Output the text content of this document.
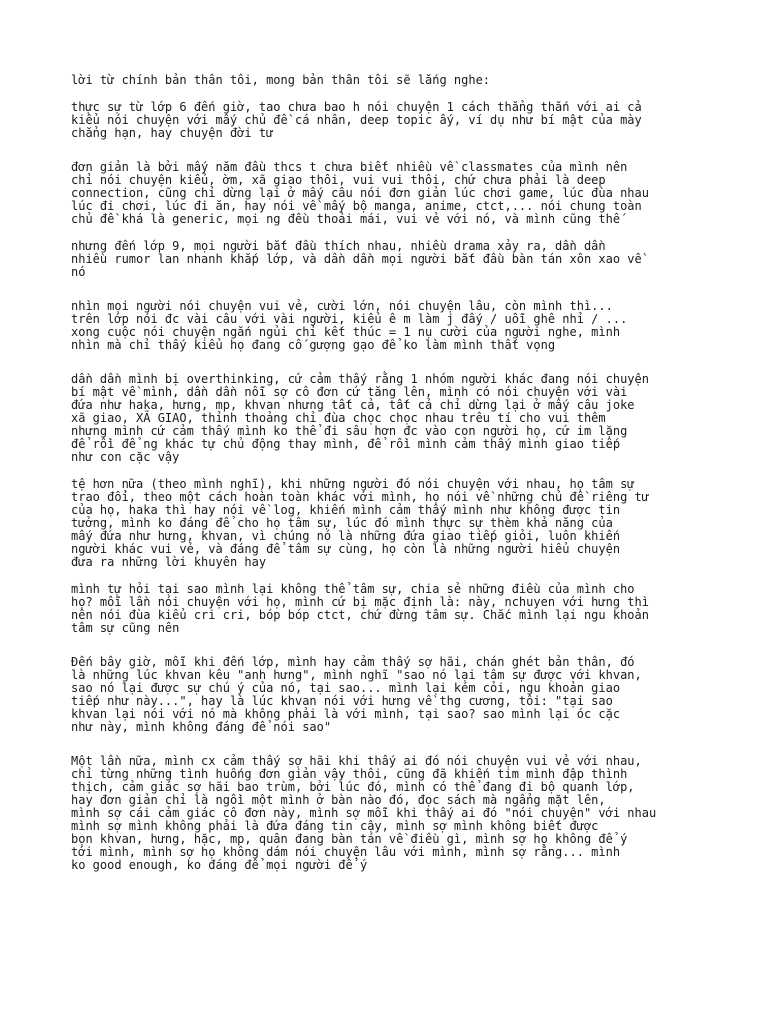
lời từ chính bản thân tôi, mong bản thân tôi sẽ lắng nghe:

thực sự từ lớp 6 đến giờ, tao chưa bao h nói chuyện 1 cách thẳng thắn với ai cả
kiểu nói chuyện với mấy chủ đề cá nhân, deep topic ấy, ví dụ như bí mật của mày
chẳng hạn, hay chuyện đời tư

đơn giản là bởi mấy năm đầu thcs t chưa biết nhiều về classmates của mình nên
chỉ nói chuyện kiểu, ờm, xã giao thôi, vui vui thôi, chứ chưa phải là deep
connection, cũng chỉ dừng lại ở mấy câu nói đơn giản lúc chơi game, lúc đùa nhau
lúc đi chơi, lúc đi ăn, hay nói về mấy bộ manga, anime, ctct,... nói chung toàn
chủ đề khá là generic, mọi ng đều thoải mái, vui vẻ với nó, và mình cũng thế

nhưng đến lớp 9, mọi người bắt đầu thích nhau, nhiều drama xảy ra, dần dần
nhiều rumor lan nhanh khắp lớp, và dần dần mọi người bắt đầu bàn tán xôn xao về
nó

nhìn mọi người nói chuyện vui vẻ, cười lớn, nói chuyện lâu, còn mình thì...
trên lớp nói đc vài câu với vài người, kiểu ê m làm j đấy / uỗi ghê nhỉ / ...
xong cuộc nói chuyện ngắn ngủi chỉ kết thúc = 1 nụ cười của người nghe, mình
nhìn mà chỉ thấy kiểu họ đang cố gượng gạo để ko làm mình thất vọng

dần dần mình bị overthinking, cứ cảm thấy rằng 1 nhóm người khác đang nói chuyện
bí mật về mình, dần dần nỗi sợ cô đơn cứ tăng lên, mình có nói chuyện với vài
đứa như haka, hưng, mp, khvan nhưng tất cả, tất cả chỉ dừng lại ở mấy câu joke
xã giao, XÃ GIAO, thỉnh thoảng chỉ đùa chọc chọc nhau trêu tí cho vui thêm
nhưng mình cứ cảm thấy mình ko thể đi sâu hơn đc vào con người họ, cứ im lặng
để rồi để ng khác tự chủ động thay mình, để rồi mình cảm thấy mình giao tiếp
như con cặc vậy

tệ hơn nữa (theo mình nghĩ), khi những người đó nói chuyện với nhau, họ tâm sự
trao đổi, theo một cách hoàn toàn khác với mình, họ nói về những chủ đề riêng tư
của họ, haka thì hay nói về log, khiến mình cảm thấy mình như không được tin
tưởng, mình ko đáng để cho họ tâm sự, lúc đó mình thực sự thèm khả năng của
mấy đứa như hưng, khvan, vì chúng nó là những đứa giao tiếp giỏi, luôn khiến
người khác vui vẻ, và đáng để tâm sự cùng, họ còn là những người hiểu chuyện
đưa ra những lời khuyên hay

mình tự hỏi tại sao mình lại không thể tâm sự, chia sẻ những điều của mình cho
họ? mỗi lần nói chuyện với họ, mình cứ bị mặc định là: này, nchuyen với hưng thì
nên nói đùa kiểu cri cri, bóp bóp ctct, chứ đừng tâm sự. Chắc mình lại ngu khoản
tâm sự cũng nên

Đến bây giờ, mỗi khi đến lớp, mình hay cảm thấy sợ hãi, chán ghét bản thân, đó
là những lúc khvan kêu "anh hưng", mình nghĩ "sao nó lại tâm sự được với khvan,
sao nó lại được sự chú ý của nó, tại sao... mình lại kém cỏi, ngu khoản giao
tiếp như này...", hay là lúc khvan nói với hưng về thg cương, tôi: "tại sao
khvan lại nói với nó mà không phải là với mình, tại sao? sao mình lại óc cặc
như này, mình không đáng để nói sao"

Một lần nữa, mình cx cảm thấy sợ hãi khi thấy ai đó nói chuyện vui vẻ với nhau,
chỉ từng những tình huống đơn giản vậy thôi, cũng đã khiến tim mình đập thình
thịch, cảm giác sợ hãi bao trùm, bởi lúc đó, mình có thể đang đi bộ quanh lớp,
hay đơn giản chỉ là ngồi một mình ở bàn nào đó, đọc sách mà ngẩng mặt lên,
mình sợ cái cảm giác cô đơn này, mình sợ mỗi khi thấy ai đó "nói chuyện" với nhau
mình sợ mình không phải là đứa đáng tin cậy, mình sợ mình không biết được
bọn khvan, hưng, hặc, mp, quân đang bàn tán về điều gì, mình sợ họ không để ý
tới mình, mình sợ họ không dám nói chuyện lâu với mình, mình sợ rằng... mình
ko good enough, ko đáng để mọi người để ý
